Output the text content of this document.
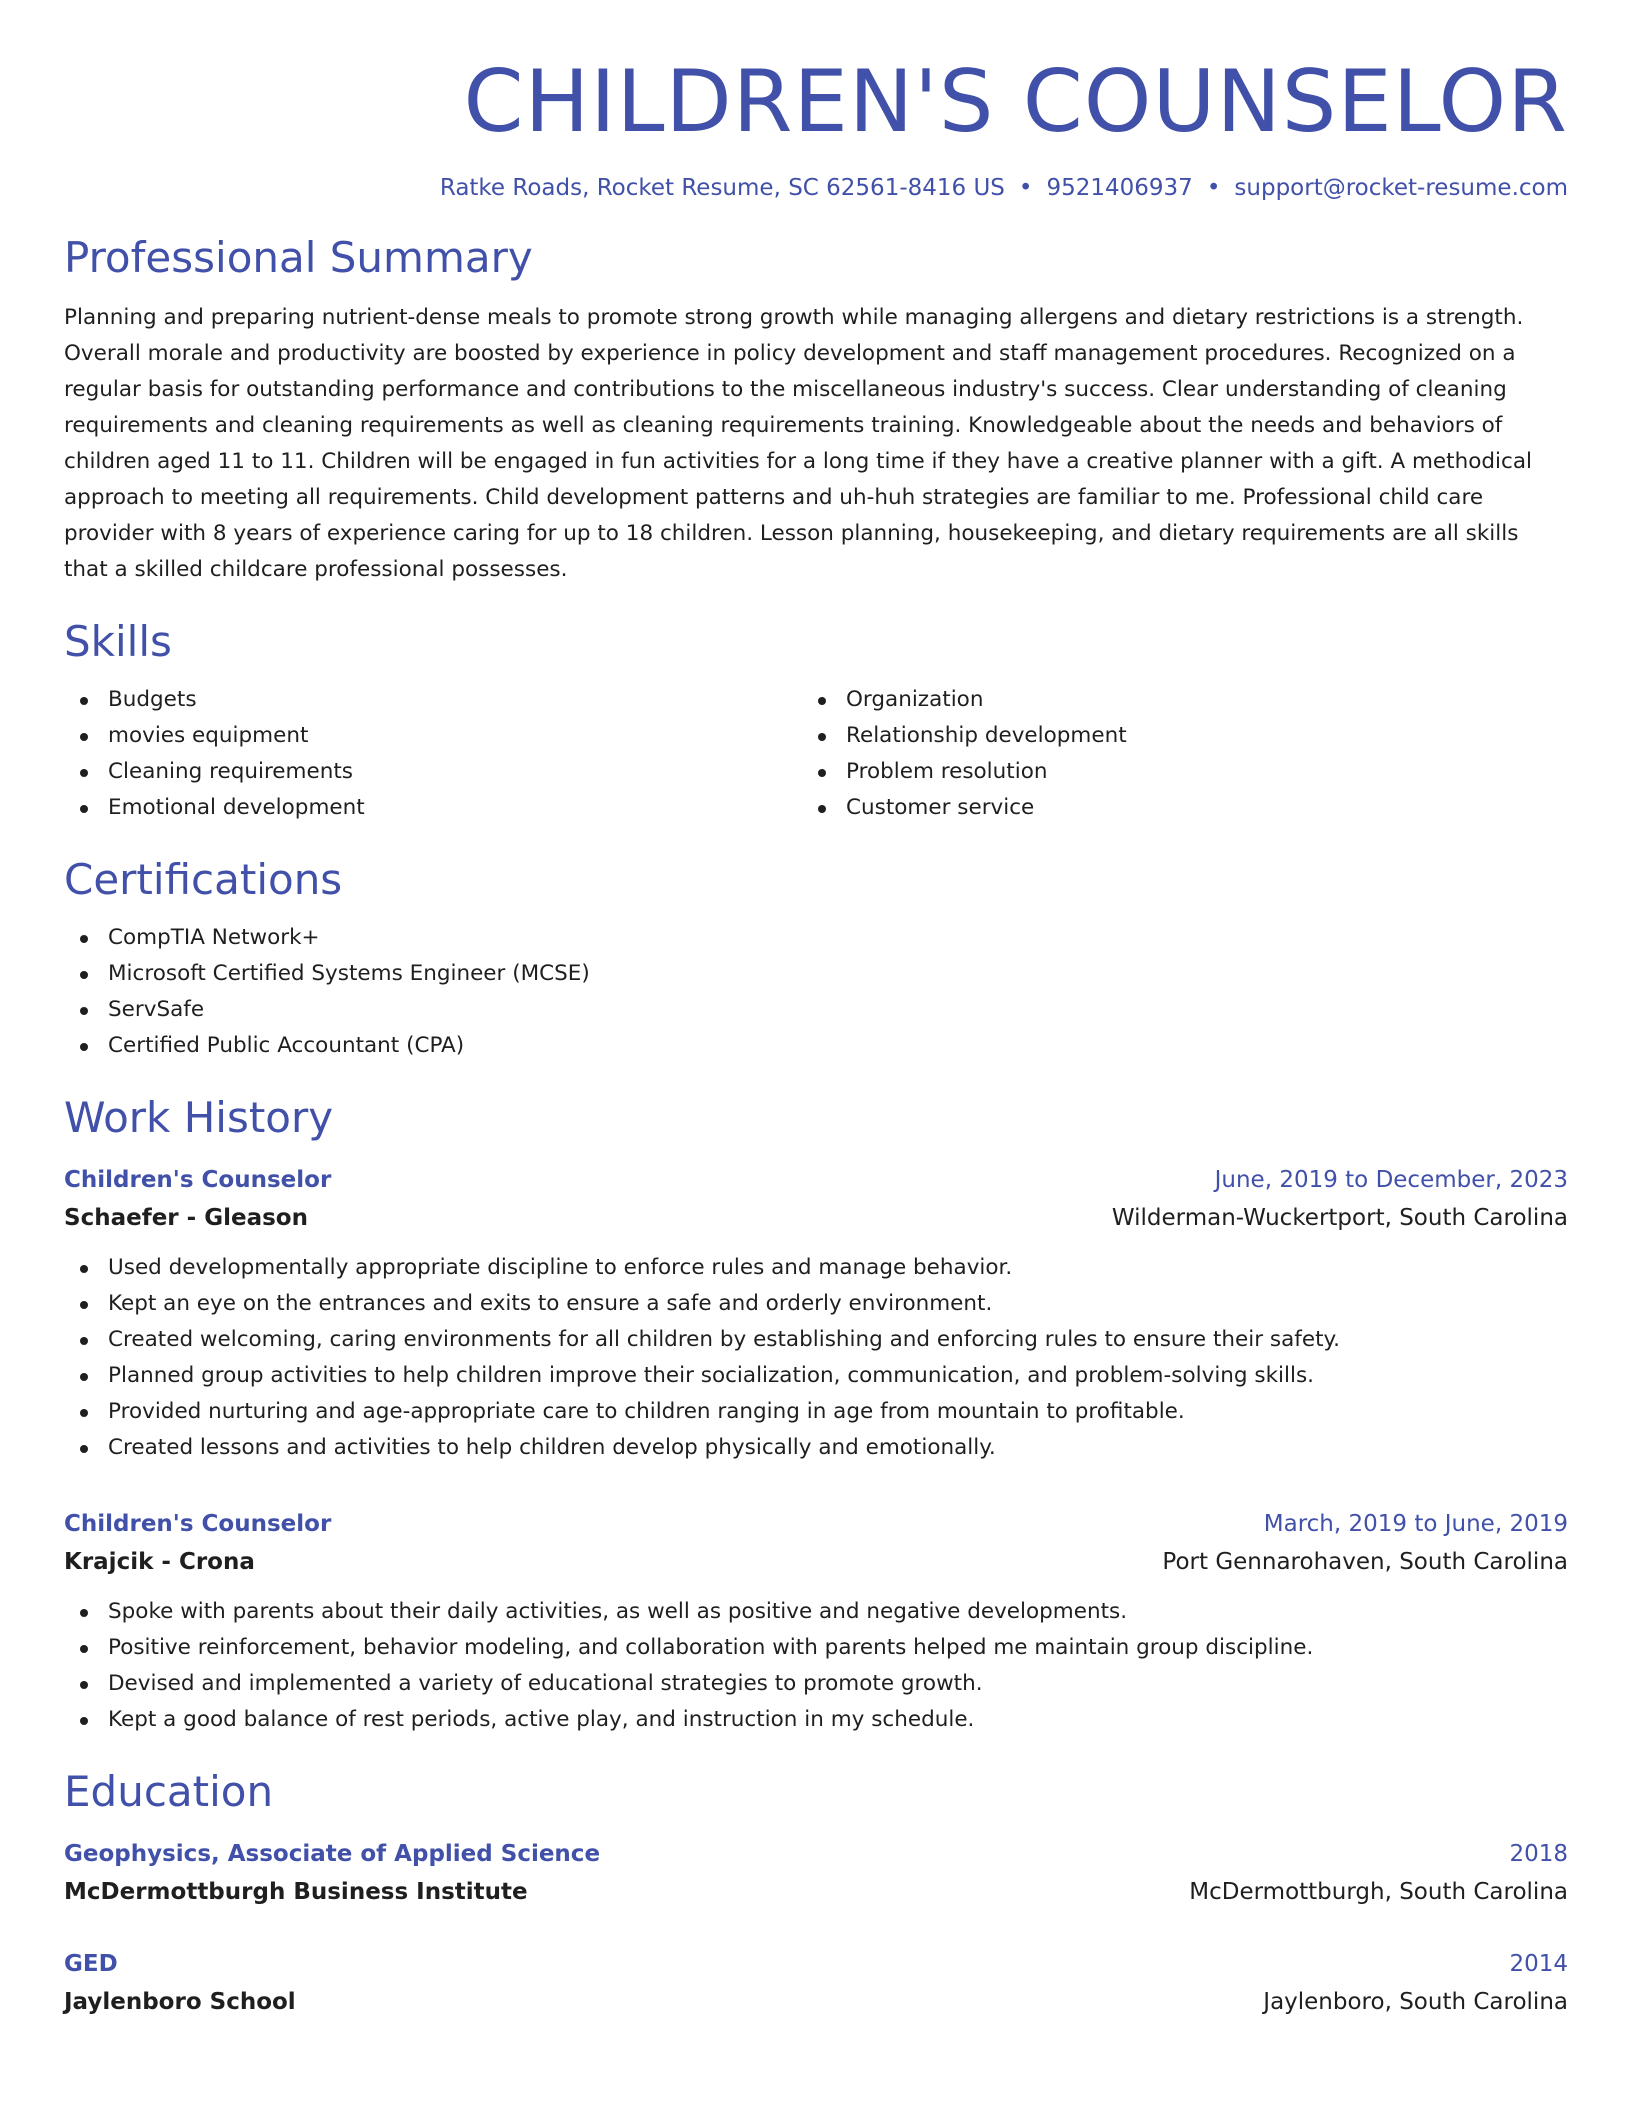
CHILDREN'S COUNSELOR
Ratke Roads, Rocket Resume, SC 62561-8416 US • 9521406937 • support@rocket-resume.com
Professional Summary

Planning and preparing nutrient-dense meals to promote strong growth while managing allergens and dietary restrictions is a strength. Overall morale and productivity are boosted by experience in policy development and staff management procedures. Recognized on a regular basis for outstanding performance and contributions to the miscellaneous industry's success. Clear understanding of cleaning requirements and cleaning requirements as well as cleaning requirements training. Knowledgeable about the needs and behaviors of children aged 11 to 11. Children will be engaged in fun activities for a long time if they have a creative planner with a gift. A methodical approach to meeting all requirements. Child development patterns and uh-huh strategies are familiar to me. Professional child care provider with 8 years of experience caring for up to 18 children. Lesson planning, housekeeping, and dietary requirements are all skills that a skilled childcare professional possesses.

Skills
Budgets
movies equipment
Cleaning requirements
Emotional development
Organization
Relationship development
Problem resolution
Customer service
Certifications
CompTIA Network+
Microsoft Certified Systems Engineer (MCSE)
ServSafe
Certified Public Accountant (CPA)
Work History
Children's Counselor	June, 2019 to December, 2023
Schaefer - Gleason	Wilderman-Wuckertport, South Carolina
Used developmentally appropriate discipline to enforce rules and manage behavior.
Kept an eye on the entrances and exits to ensure a safe and orderly environment.
Created welcoming, caring environments for all children by establishing and enforcing rules to ensure their safety.
Planned group activities to help children improve their socialization, communication, and problem-solving skills.
Provided nurturing and age-appropriate care to children ranging in age from mountain to profitable.
Created lessons and activities to help children develop physically and emotionally.
Children's Counselor	March, 2019 to June, 2019
Krajcik - Crona	Port Gennarohaven, South Carolina
Spoke with parents about their daily activities, as well as positive and negative developments.
Positive reinforcement, behavior modeling, and collaboration with parents helped me maintain group discipline.
Devised and implemented a variety of educational strategies to promote growth.
Kept a good balance of rest periods, active play, and instruction in my schedule.
Education
Geophysics, Associate of Applied Science	2018
McDermottburgh Business Institute	McDermottburgh, South Carolina
GED	2014
Jaylenboro School	Jaylenboro, South Carolina
